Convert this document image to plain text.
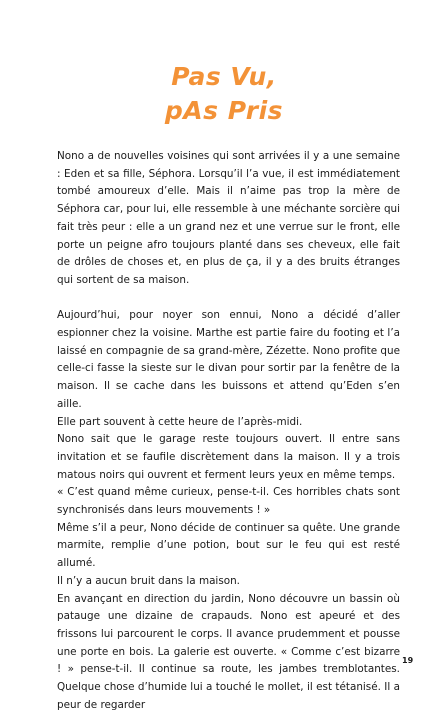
Pas Vu,
pAs Pris

Nono a de nouvelles voisines qui sont arrivées il y a une semaine : Eden et sa fille, Séphora. Lorsqu’il l’a vue, il est immédiatement tombé amoureux d’elle. Mais il n’aime pas trop la mère de Séphora car, pour lui, elle ressemble à une méchante sorcière qui fait très peur : elle a un grand nez et une verrue sur le front, elle porte un peigne afro toujours planté dans ses cheveux, elle fait de drôles de choses et, en plus de ça, il y a des bruits étranges qui sortent de sa maison.

Aujourd’hui, pour noyer son ennui, Nono a décidé d’aller espionner chez la voisine. Marthe est partie faire du footing et l’a laissé en compagnie de sa grand-mère, Zézette. Nono profite que celle-ci fasse la sieste sur le divan pour sortir par la fenêtre de la maison. Il se cache dans les buissons et attend qu’Eden s’en aille.

Elle part souvent à cette heure de l’après-midi.

Nono sait que le garage reste toujours ouvert. Il entre sans invitation et se faufile discrètement dans la maison. Il y a trois matous noirs qui ouvrent et ferment leurs yeux en même temps.

« C’est quand même curieux, pense-t-il. Ces horribles chats sont synchronisés dans leurs mouvements ! »

Même s’il a peur, Nono décide de continuer sa quête. Une grande marmite, remplie d’une potion, bout sur le feu qui est resté allumé.

Il n’y a aucun bruit dans la maison.

En avançant en direction du jardin, Nono découvre un bassin où patauge une dizaine de crapauds. Nono est apeuré et des frissons lui parcourent le corps. Il avance prudemment et pousse une porte en bois. La galerie est ouverte. « Comme c’est bizarre ! » pense-t-il. Il continue sa route, les jambes tremblotantes. Quelque chose d’humide lui a touché le mollet, il est tétanisé. Il a peur de regarder

19
